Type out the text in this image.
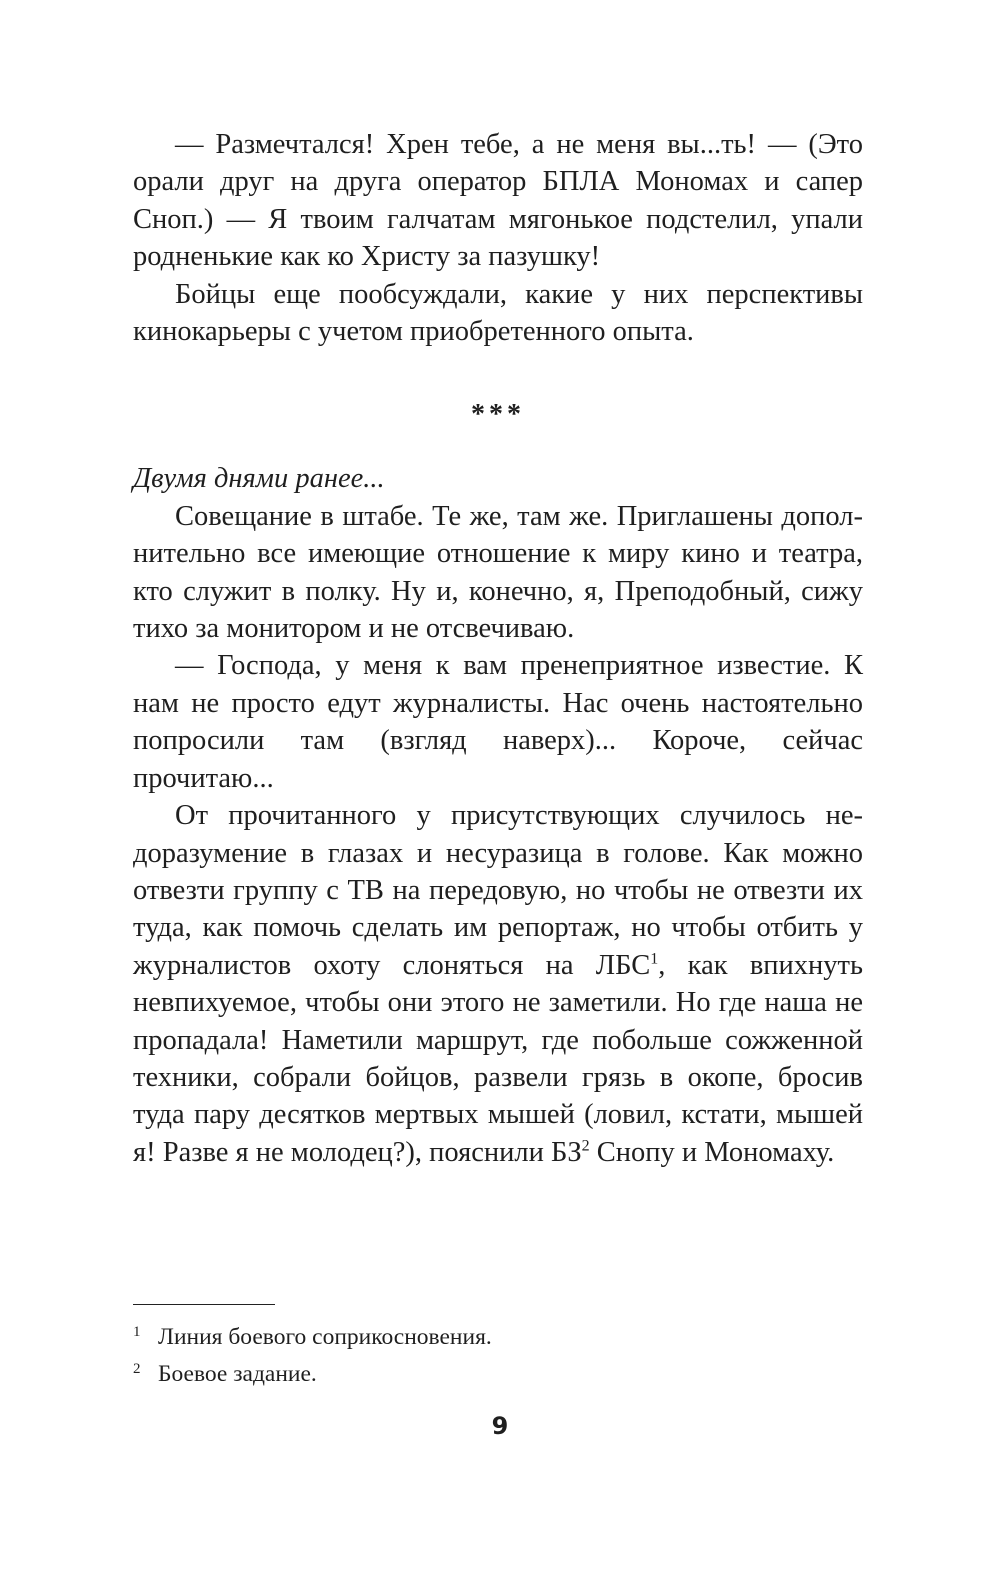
— Размечтался! Хрен тебе, а не меня вы...ть! — (Это орали друг на друга оператор БПЛА Мономах и сапер Сноп.) — Я твоим галчатам мягонькое подстелил, упали родненькие как ко Христу за пазушку!

Бойцы еще пообсуждали, какие у них перспективы кинокарьеры с учетом приобретенного опыта.

***

Двумя днями ранее...

Совещание в штабе. Те же, там же. Приглашены дополнительно все имеющие отношение к миру кино и театра, кто служит в полку. Ну и, конечно, я, Преподобный, сижу тихо за монитором и не отсвечиваю.

— Господа, у меня к вам пренеприятное известие. К нам не просто едут журналисты. Нас очень настоятельно попросили там (взгляд наверх)... Короче, сейчас прочитаю...

От прочитанного у присутствующих случилось недоразумение в глазах и несуразица в голове. Как можно отвезти группу с ТВ на передовую, но чтобы не отвезти их туда, как помочь сделать им репортаж, но чтобы отбить у журналистов охоту слоняться на ЛБС$^1$, как впихнуть невпихуемое, чтобы они этого не заметили. Но где наша не пропадала! Наметили маршрут, где побольше сожженной техники, собрали бойцов, развели грязь в окопе, бросив туда пару десятков мертвых мышей (ловил, кстати, мышей я! Разве я не молодец?), пояснили $БЗ^2$ Снопу и Мономаху.

1 Линия боевого соприкосновения.
2 Боевое задание.
9
